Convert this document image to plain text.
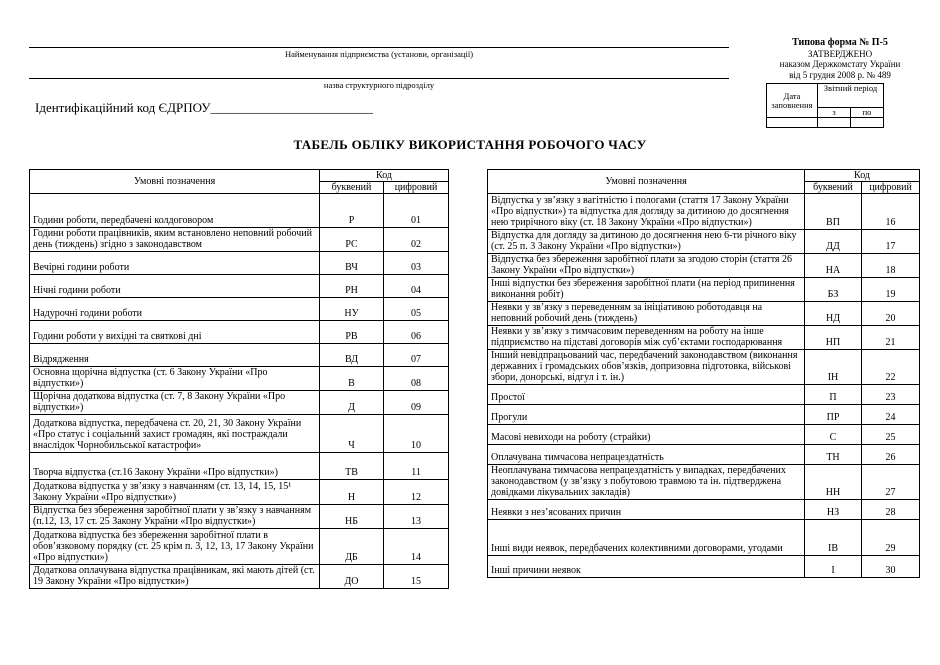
Найменування підприємства (установи, організації)
назва структурного підрозділу
Ідентифікаційний код ЄДРПОУ_________________________
Типова форма № П-5
ЗАТВЕРДЖЕНО
наказом Держкомстату України
від 5 грудня 2008 р. № 489
Дата заповнення	Звітний період	
	з	по

ТАБЕЛЬ ОБЛІКУ ВИКОРИСТАННЯ РОБОЧОГО ЧАСУ
Умовні позначення	Код	
	буквений	цифровий
Години роботи, передбачені колдоговором	Р	01
Години роботи працівників, яким встановлено неповний робочий день (тиждень) згідно з законодавством	РС	02
Вечірні години роботи	ВЧ	03
Нічні години роботи	РН	04
Надурочні години роботи	НУ	05
Години роботи у вихідні та святкові дні	РВ	06
Відрядження	ВД	07
Основна щорічна відпустка (ст. 6 Закону України «Про відпустки»)	В	08
Щорічна додаткова відпустка (ст. 7, 8 Закону України «Про відпустки»)	Д	09
Додаткова відпустка, передбачена ст. 20, 21, 30 Закону України «Про статус і соціальний захист громадян, які постраждали внаслідок Чорнобильської катастрофи»	Ч	10
Творча відпустка (ст.16 Закону України «Про відпустки»)	ТВ	11
Додаткова відпустка у зв’язку з навчанням (ст. 13, 14, 15, 15¹ Закону України «Про відпустки»)	Н	12
Відпустка без збереження заробітної плати у зв’язку з навчанням (п.12, 13, 17 ст. 25 Закону України «Про відпустки»)	НБ	13
Додаткова відпустка без збереження заробітної плати в обов’язковому порядку (ст. 25 крім п. 3, 12, 13, 17 Закону України «Про відпустки»)	ДБ	14
Додаткова оплачувана відпустка працівникам, які мають дітей (ст. 19 Закону України «Про відпустки»)	ДО	15
Умовні позначення	Код	
	буквений	цифровий
Відпустка у зв’язку з вагітністю і пологами (стаття 17 Закону України «Про відпустки») та відпустка для догляду за дитиною до досягнення нею трирічного віку (ст. 18 Закону України «Про відпустки»)	ВП	16
Відпустка для догляду за дитиною до досягнення нею 6-ти річного віку (ст. 25 п. 3 Закону України «Про відпустки»)	ДД	17
Відпустка без збереження заробітної плати за згодою сторін (стаття 26 Закону України «Про відпустки»)	НА	18
Інші відпустки без збереження заробітної плати (на період припинення виконання робіт)	БЗ	19
Неявки у зв’язку з переведенням за ініціативою роботодавця на неповний робочий день (тиждень)	НД	20
Неявки у зв’язку з тимчасовим переведенням на роботу на інше підприємство на підставі договорів між суб’єктами господарювання	НП	21
Інший невідпрацьований час, передбачений законодавством (виконання державних і громадських обов’язків, допризовна підготовка, військові збори, донорські, відгул і т. ін.)	ІН	22
Простої	П	23
Прогули	ПР	24
Масові невиходи на роботу (страйки)	С	25
Оплачувана тимчасова непрацездатність	ТН	26
Неоплачувана тимчасова непрацездатність у випадках, передбачених законодавством (у зв’язку з побутовою травмою та ін. підтверджена довідками лікувальних закладів)	НН	27
Неявки з нез’ясованих причин	НЗ	28
Інші види неявок, передбачених колективними договорами, угодами	ІВ	29
Інші причини неявок	І	30
